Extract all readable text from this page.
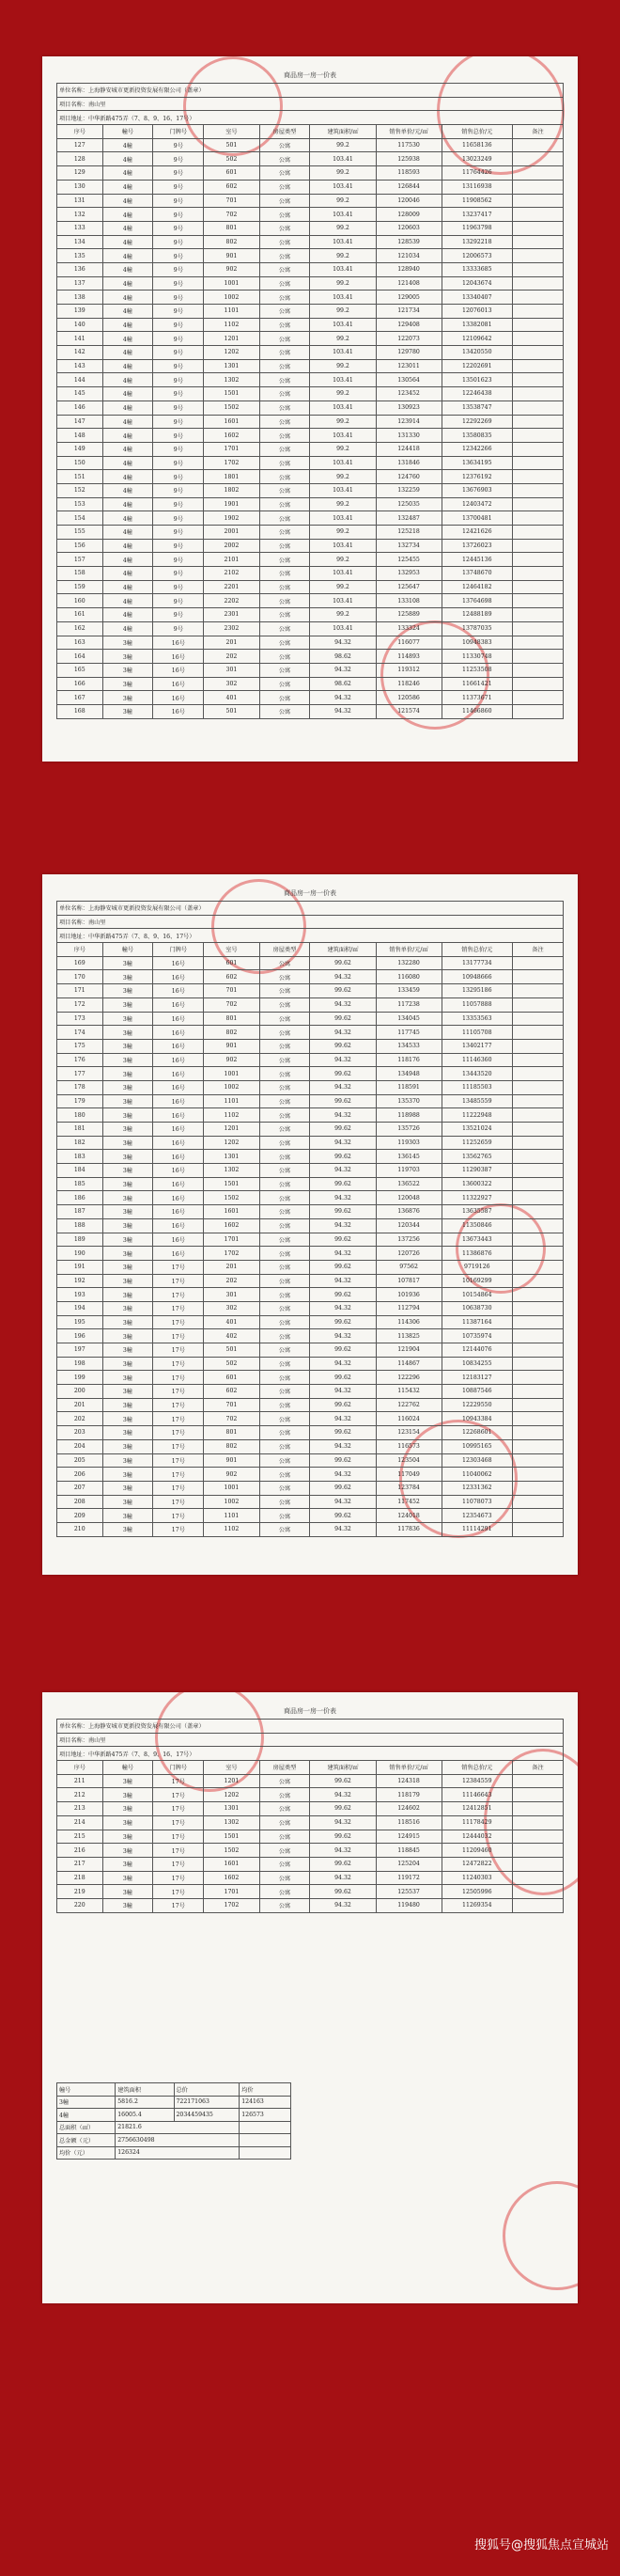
商品房一房一价表
单位名称：上海静安城市更新投资发展有限公司（盖章）								
项目名称：南山里								
项目地址：中华新路475弄（7、8、9、16、17号）								
序号	幢号	门牌号	室号	房屋类型	建筑面积/㎡	销售单价/元/㎡	销售总价/元	备注
127	4幢	9号	501	公寓	99.2	117530	11658136	
128	4幢	9号	502	公寓	103.41	125938	13023249	
129	4幢	9号	601	公寓	99.2	118593	11764426	
130	4幢	9号	602	公寓	103.41	126844	13116938	
131	4幢	9号	701	公寓	99.2	120046	11908562	
132	4幢	9号	702	公寓	103.41	128009	13237417	
133	4幢	9号	801	公寓	99.2	120603	11963798	
134	4幢	9号	802	公寓	103.41	128539	13292218	
135	4幢	9号	901	公寓	99.2	121034	12006573	
136	4幢	9号	902	公寓	103.41	128940	13333685	
137	4幢	9号	1001	公寓	99.2	121408	12043674	
138	4幢	9号	1002	公寓	103.41	129005	13340407	
139	4幢	9号	1101	公寓	99.2	121734	12076013	
140	4幢	9号	1102	公寓	103.41	129408	13382081	
141	4幢	9号	1201	公寓	99.2	122073	12109642	
142	4幢	9号	1202	公寓	103.41	129780	13420550	
143	4幢	9号	1301	公寓	99.2	123011	12202691	
144	4幢	9号	1302	公寓	103.41	130564	13501623	
145	4幢	9号	1501	公寓	99.2	123452	12246438	
146	4幢	9号	1502	公寓	103.41	130923	13538747	
147	4幢	9号	1601	公寓	99.2	123914	12292269	
148	4幢	9号	1602	公寓	103.41	131330	13580835	
149	4幢	9号	1701	公寓	99.2	124418	12342266	
150	4幢	9号	1702	公寓	103.41	131846	13634195	
151	4幢	9号	1801	公寓	99.2	124760	12376192	
152	4幢	9号	1802	公寓	103.41	132259	13676903	
153	4幢	9号	1901	公寓	99.2	125035	12403472	
154	4幢	9号	1902	公寓	103.41	132487	13700481	
155	4幢	9号	2001	公寓	99.2	125218	12421626	
156	4幢	9号	2002	公寓	103.41	132734	13726023	
157	4幢	9号	2101	公寓	99.2	125455	12445136	
158	4幢	9号	2102	公寓	103.41	132953	13748670	
159	4幢	9号	2201	公寓	99.2	125647	12464182	
160	4幢	9号	2202	公寓	103.41	133108	13764698	
161	4幢	9号	2301	公寓	99.2	125889	12488189	
162	4幢	9号	2302	公寓	103.41	133324	13787035	
163	3幢	16号	201	公寓	94.32	116077	10948383	
164	3幢	16号	202	公寓	98.62	114893	11330748	
165	3幢	16号	301	公寓	94.32	119312	11253508	
166	3幢	16号	302	公寓	98.62	118246	11661421	
167	3幢	16号	401	公寓	94.32	120586	11373671	
168	3幢	16号	501	公寓	94.32	121574	11466860	
商品房一房一价表
单位名称：上海静安城市更新投资发展有限公司（盖章）								
项目名称：南山里								
项目地址：中华新路475弄（7、8、9、16、17号）								
序号	幢号	门牌号	室号	房屋类型	建筑面积/㎡	销售单价/元/㎡	销售总价/元	备注
169	3幢	16号	601	公寓	99.62	132280	13177734	
170	3幢	16号	602	公寓	94.32	116080	10948666	
171	3幢	16号	701	公寓	99.62	133459	13295186	
172	3幢	16号	702	公寓	94.32	117238	11057888	
173	3幢	16号	801	公寓	99.62	134045	13353563	
174	3幢	16号	802	公寓	94.32	117745	11105708	
175	3幢	16号	901	公寓	99.62	134533	13402177	
176	3幢	16号	902	公寓	94.32	118176	11146360	
177	3幢	16号	1001	公寓	99.62	134948	13443520	
178	3幢	16号	1002	公寓	94.32	118591	11185503	
179	3幢	16号	1101	公寓	99.62	135370	13485559	
180	3幢	16号	1102	公寓	94.32	118988	11222948	
181	3幢	16号	1201	公寓	99.62	135726	13521024	
182	3幢	16号	1202	公寓	94.32	119303	11252659	
183	3幢	16号	1301	公寓	99.62	136145	13562765	
184	3幢	16号	1302	公寓	94.32	119703	11290387	
185	3幢	16号	1501	公寓	99.62	136522	13600322	
186	3幢	16号	1502	公寓	94.32	120048	11322927	
187	3幢	16号	1601	公寓	99.62	136876	13635587	
188	3幢	16号	1602	公寓	94.32	120344	11350846	
189	3幢	16号	1701	公寓	99.62	137256	13673443	
190	3幢	16号	1702	公寓	94.32	120726	11386876	
191	3幢	17号	201	公寓	99.62	97562	9719126	
192	3幢	17号	202	公寓	94.32	107817	10169299	
193	3幢	17号	301	公寓	99.62	101936	10154864	
194	3幢	17号	302	公寓	94.32	112794	10638730	
195	3幢	17号	401	公寓	99.62	114306	11387164	
196	3幢	17号	402	公寓	94.32	113825	10735974	
197	3幢	17号	501	公寓	99.62	121904	12144076	
198	3幢	17号	502	公寓	94.32	114867	10834255	
199	3幢	17号	601	公寓	99.62	122296	12183127	
200	3幢	17号	602	公寓	94.32	115432	10887546	
201	3幢	17号	701	公寓	99.62	122762	12229550	
202	3幢	17号	702	公寓	94.32	116024	10943384	
203	3幢	17号	801	公寓	99.62	123154	12268601	
204	3幢	17号	802	公寓	94.32	116573	10995165	
205	3幢	17号	901	公寓	99.62	123504	12303468	
206	3幢	17号	902	公寓	94.32	117049	11040062	
207	3幢	17号	1001	公寓	99.62	123784	12331362	
208	3幢	17号	1002	公寓	94.32	117452	11078073	
209	3幢	17号	1101	公寓	99.62	124018	12354673	
210	3幢	17号	1102	公寓	94.32	117836	11114291	
商品房一房一价表
单位名称：上海静安城市更新投资发展有限公司（盖章）								
项目名称：南山里								
项目地址：中华新路475弄（7、8、9、16、17号）								
序号	幢号	门牌号	室号	房屋类型	建筑面积/㎡	销售单价/元/㎡	销售总价/元	备注
211	3幢	17号	1201	公寓	99.62	124318	12384559	
212	3幢	17号	1202	公寓	94.32	118179	11146643	
213	3幢	17号	1301	公寓	99.62	124602	12412851	
214	3幢	17号	1302	公寓	94.32	118516	11178429	
215	3幢	17号	1501	公寓	99.62	124915	12444032	
216	3幢	17号	1502	公寓	94.32	118845	11209460	
217	3幢	17号	1601	公寓	99.62	125204	12472822	
218	3幢	17号	1602	公寓	94.32	119172	11240303	
219	3幢	17号	1701	公寓	99.62	125537	12505996	
220	3幢	17号	1702	公寓	94.32	119480	11269354	
幢号	建筑面积	总价	均价
3幢	5816.2	722171063	124163
4幢	16005.4	2034459435	126573
总面积（㎡）	21821.6		
总金额（元）	2756630498		
均价（元）	126324		
搜狐号@搜狐焦点宣城站
